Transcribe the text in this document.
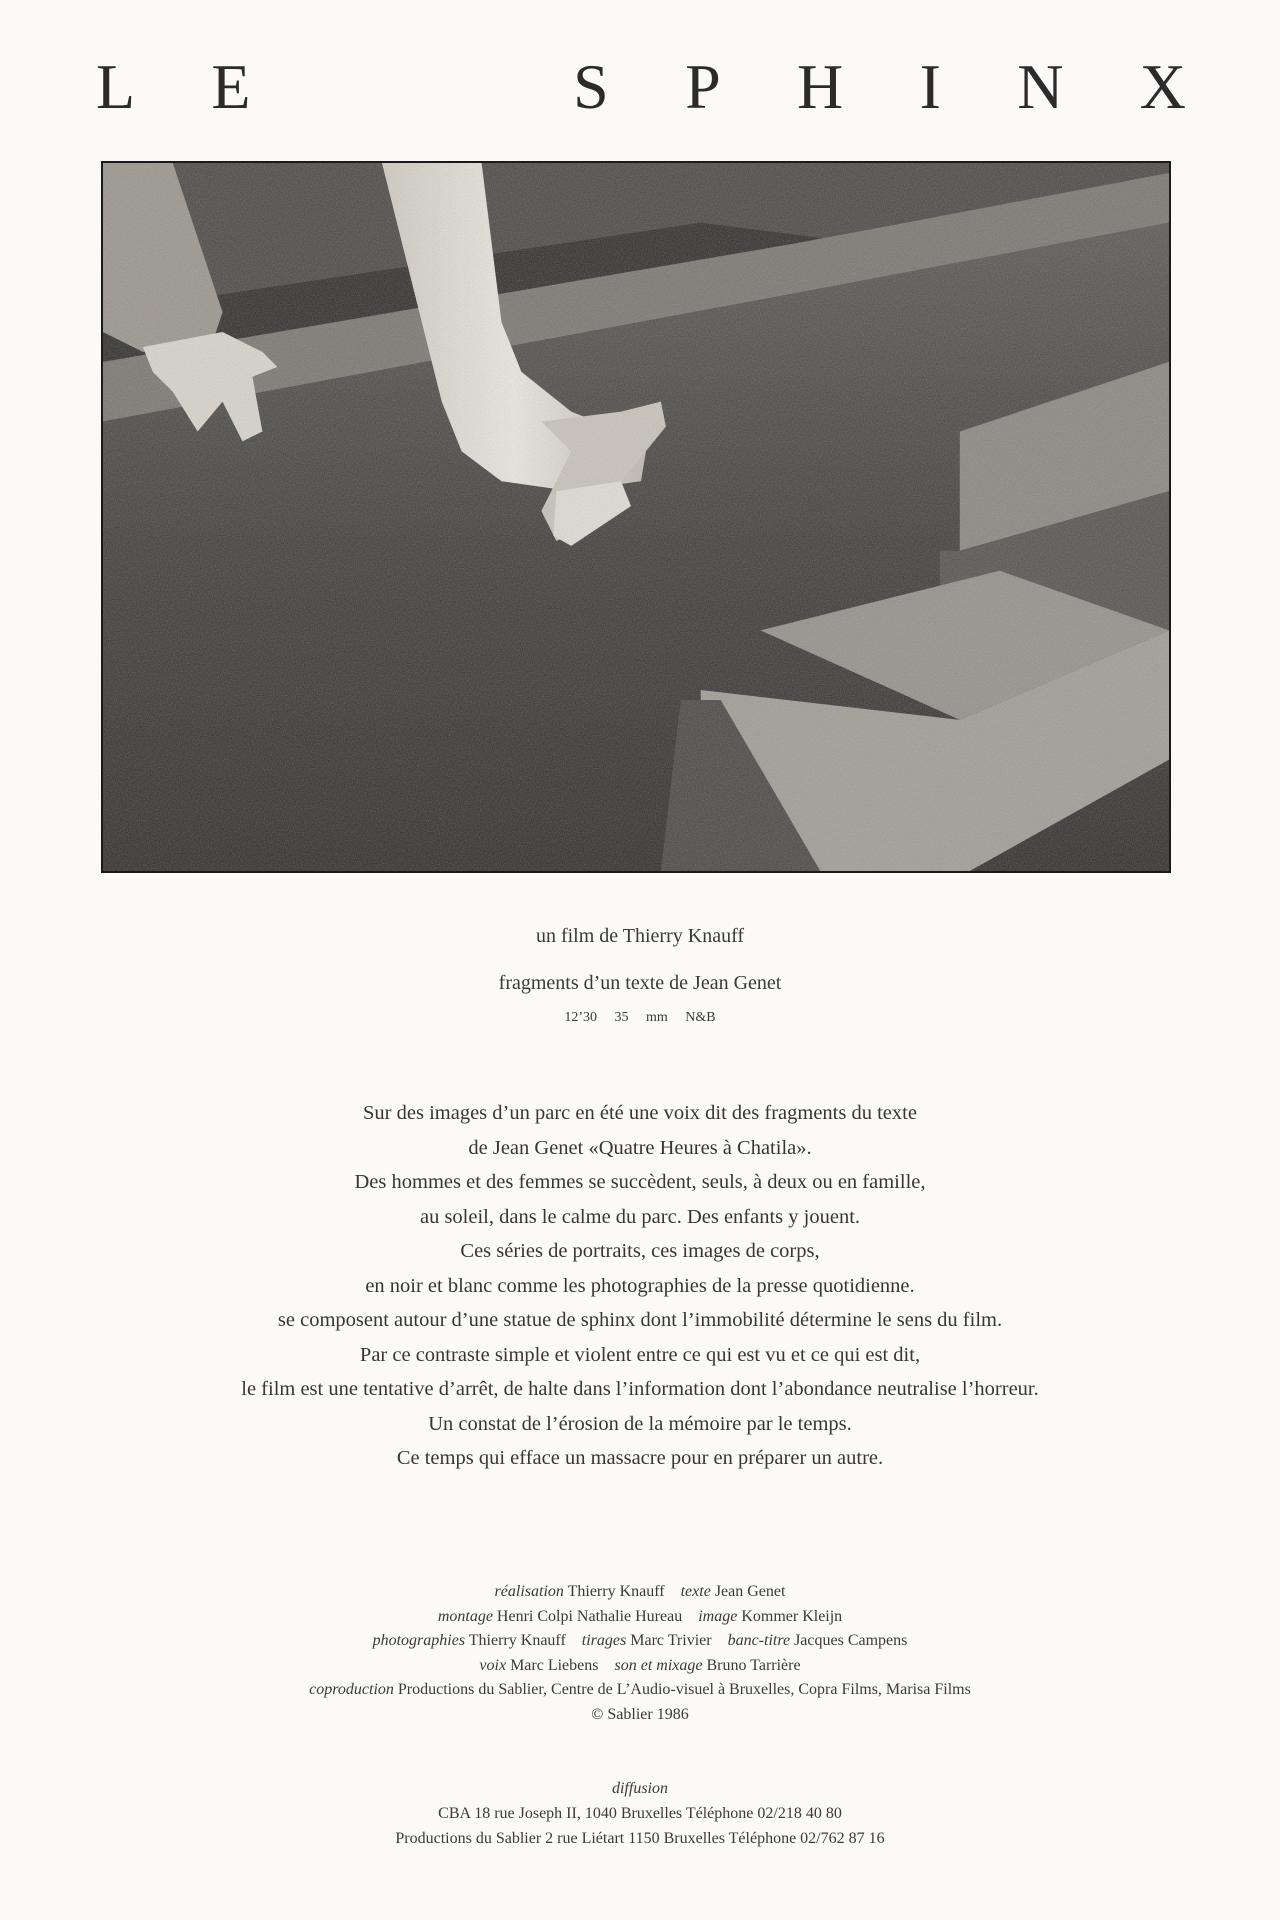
L E	S P H I N X
un film de Thierry Knauff
fragments d’un texte de Jean Genet
12’30 35 mm N&B
Sur des images d’un parc en été une voix dit des fragments du texte
de Jean Genet «Quatre Heures à Chatila».
Des hommes et des femmes se succèdent, seuls, à deux ou en famille,
au soleil, dans le calme du parc. Des enfants y jouent.
Ces séries de portraits, ces images de corps,
en noir et blanc comme les photographies de la presse quotidienne.
se composent autour d’une statue de sphinx dont l’immobilité détermine le sens du film.
Par ce contraste simple et violent entre ce qui est vu et ce qui est dit,
le film est une tentative d’arrêt, de halte dans l’information dont l’abondance neutralise l’horreur.
Un constat de l’érosion de la mémoire par le temps.
Ce temps qui efface un massacre pour en préparer un autre.
réalisation Thierry Knauff texte Jean Genet
montage Henri Colpi Nathalie Hureau image Kommer Kleijn
photographies Thierry Knauff tirages Marc Trivier banc-titre Jacques Campens
voix Marc Liebens son et mixage Bruno Tarrière
coproduction Productions du Sablier, Centre de L’Audio-visuel à Bruxelles, Copra Films, Marisa Films
© Sablier 1986
diffusion
CBA 18 rue Joseph II, 1040 Bruxelles Téléphone 02/218 40 80
Productions du Sablier 2 rue Liétart 1150 Bruxelles Téléphone 02/762 87 16
